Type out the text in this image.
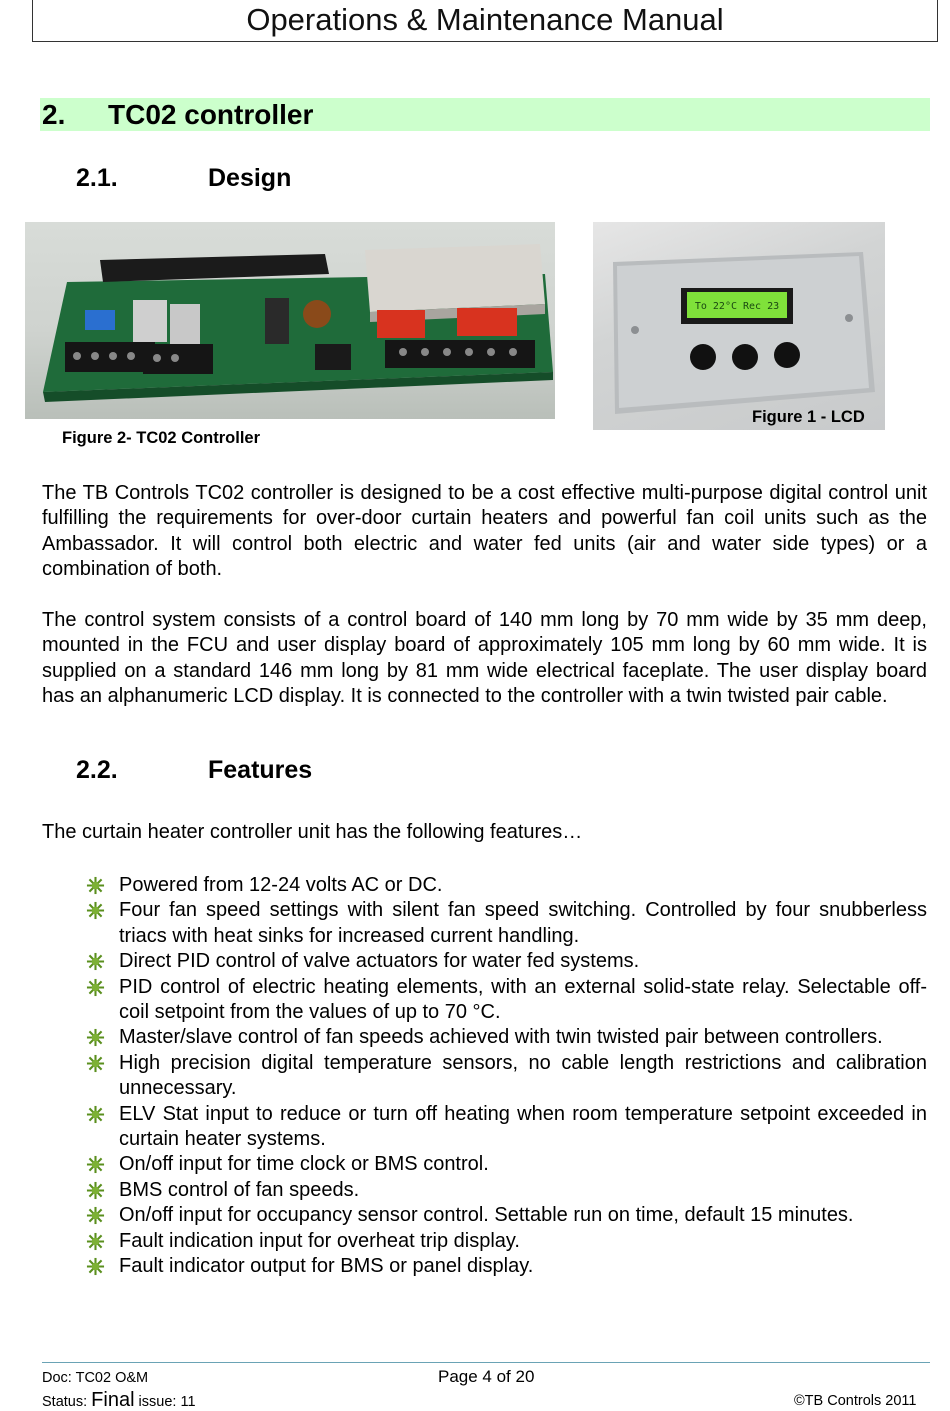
Operations & Maintenance Manual
2. TC02 controller
2.1.	Design
To 22°C Rec 23
Figure 1 - LCD
Figure 2- TC02 Controller

The TB Controls TC02 controller is designed to be a cost effective multi-purpose digital control unit fulfilling the requirements for over-door curtain heaters and powerful fan coil units such as the Ambassador. It will control both electric and water fed units (air and water side types) or a combination of both.

The control system consists of a control board of 140 mm long by 70 mm wide by 35 mm deep, mounted in the FCU and user display board of approximately 105 mm long by 60 mm wide. It is supplied on a standard 146 mm long by 81 mm wide electrical faceplate. The user display board has an alphanumeric LCD display. It is connected to the controller with a twin twisted pair cable.

2.2.	Features
The curtain heater controller unit has the following features…
Powered from 12-24 volts AC or DC.
Four fan speed settings with silent fan speed switching. Controlled by four snubberless triacs with heat sinks for increased current handling.
Direct PID control of valve actuators for water fed systems.
PID control of electric heating elements, with an external solid-state relay. Selectable off-coil setpoint from the values of up to 70 °C.
Master/slave control of fan speeds achieved with twin twisted pair between controllers.
High precision digital temperature sensors, no cable length restrictions and calibration unnecessary.
ELV Stat input to reduce or turn off heating when room temperature setpoint exceeded in curtain heater systems.
On/off input for time clock or BMS control.
BMS control of fan speeds.
On/off input for occupancy sensor control. Settable run on time, default 15 minutes.
Fault indication input for overheat trip display.
Fault indicator output for BMS or panel display.
Doc: TC02 O&M	Page 4 of 20
Status: Final issue: 11	©TB Controls 2011
